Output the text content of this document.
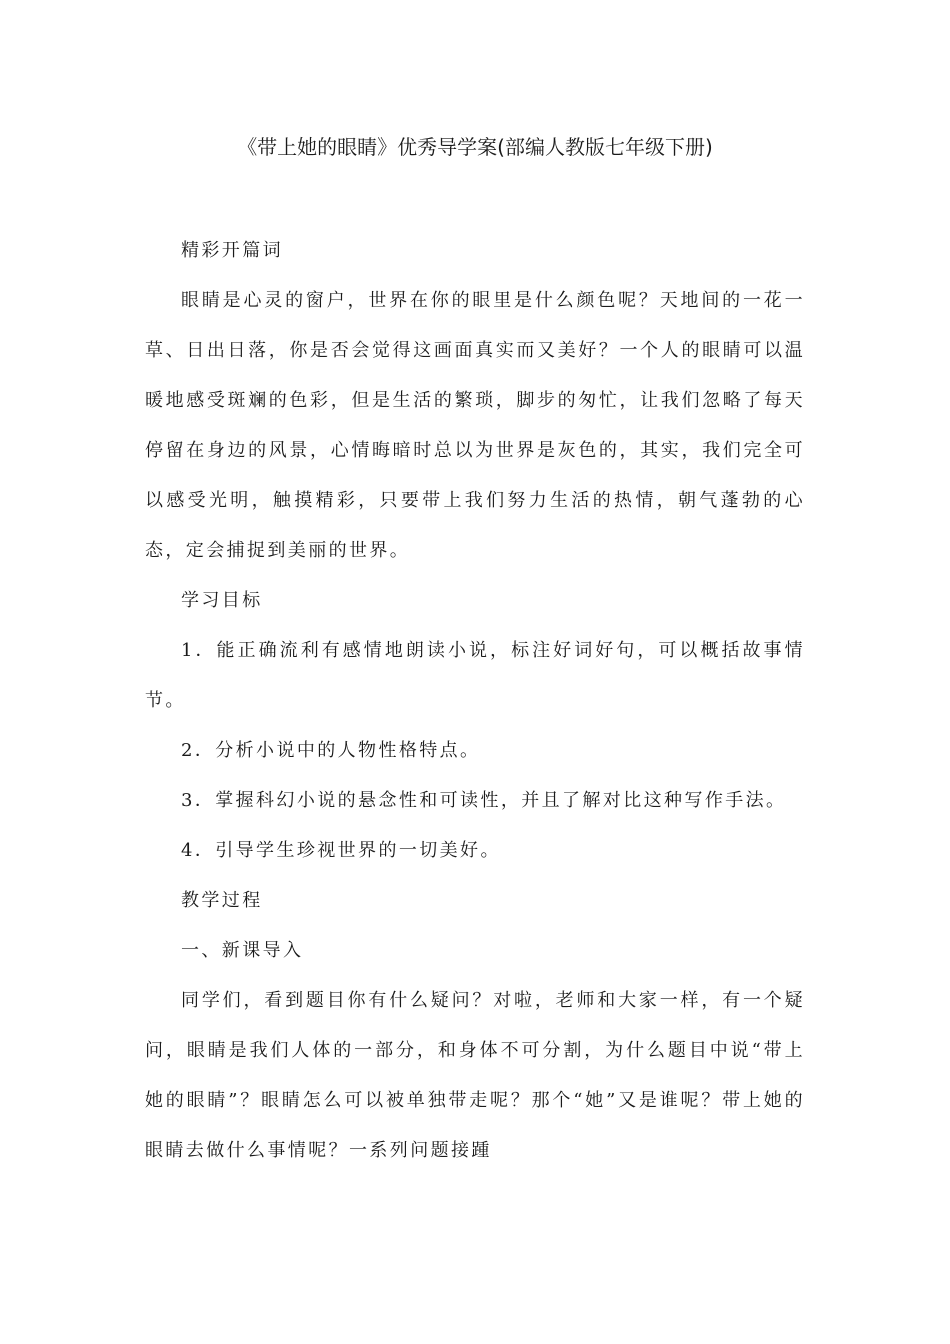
《带上她的眼睛》优秀导学案(部编人教版七年级下册)

精彩开篇词

眼睛是心灵的窗户，世界在你的眼里是什么颜色呢？天地间的一花一草、日出日落，你是否会觉得这画面真实而又美好？一个人的眼睛可以温暖地感受斑斓的色彩，但是生活的繁琐，脚步的匆忙，让我们忽略了每天停留在身边的风景，心情晦暗时总以为世界是灰色的，其实，我们完全可以感受光明，触摸精彩，只要带上我们努力生活的热情，朝气蓬勃的心态，定会捕捉到美丽的世界。

学习目标

1．能正确流利有感情地朗读小说，标注好词好句，可以概括故事情节。

2．分析小说中的人物性格特点。

3．掌握科幻小说的悬念性和可读性，并且了解对比这种写作手法。

4．引导学生珍视世界的一切美好。

教学过程

一、新课导入

同学们，看到题目你有什么疑问？对啦，老师和大家一样，有一个疑问，眼睛是我们人体的一部分，和身体不可分割，为什么题目中说“带上她的眼睛”？眼睛怎么可以被单独带走呢？那个“她”又是谁呢？带上她的眼睛去做什么事情呢？一系列问题接踵
